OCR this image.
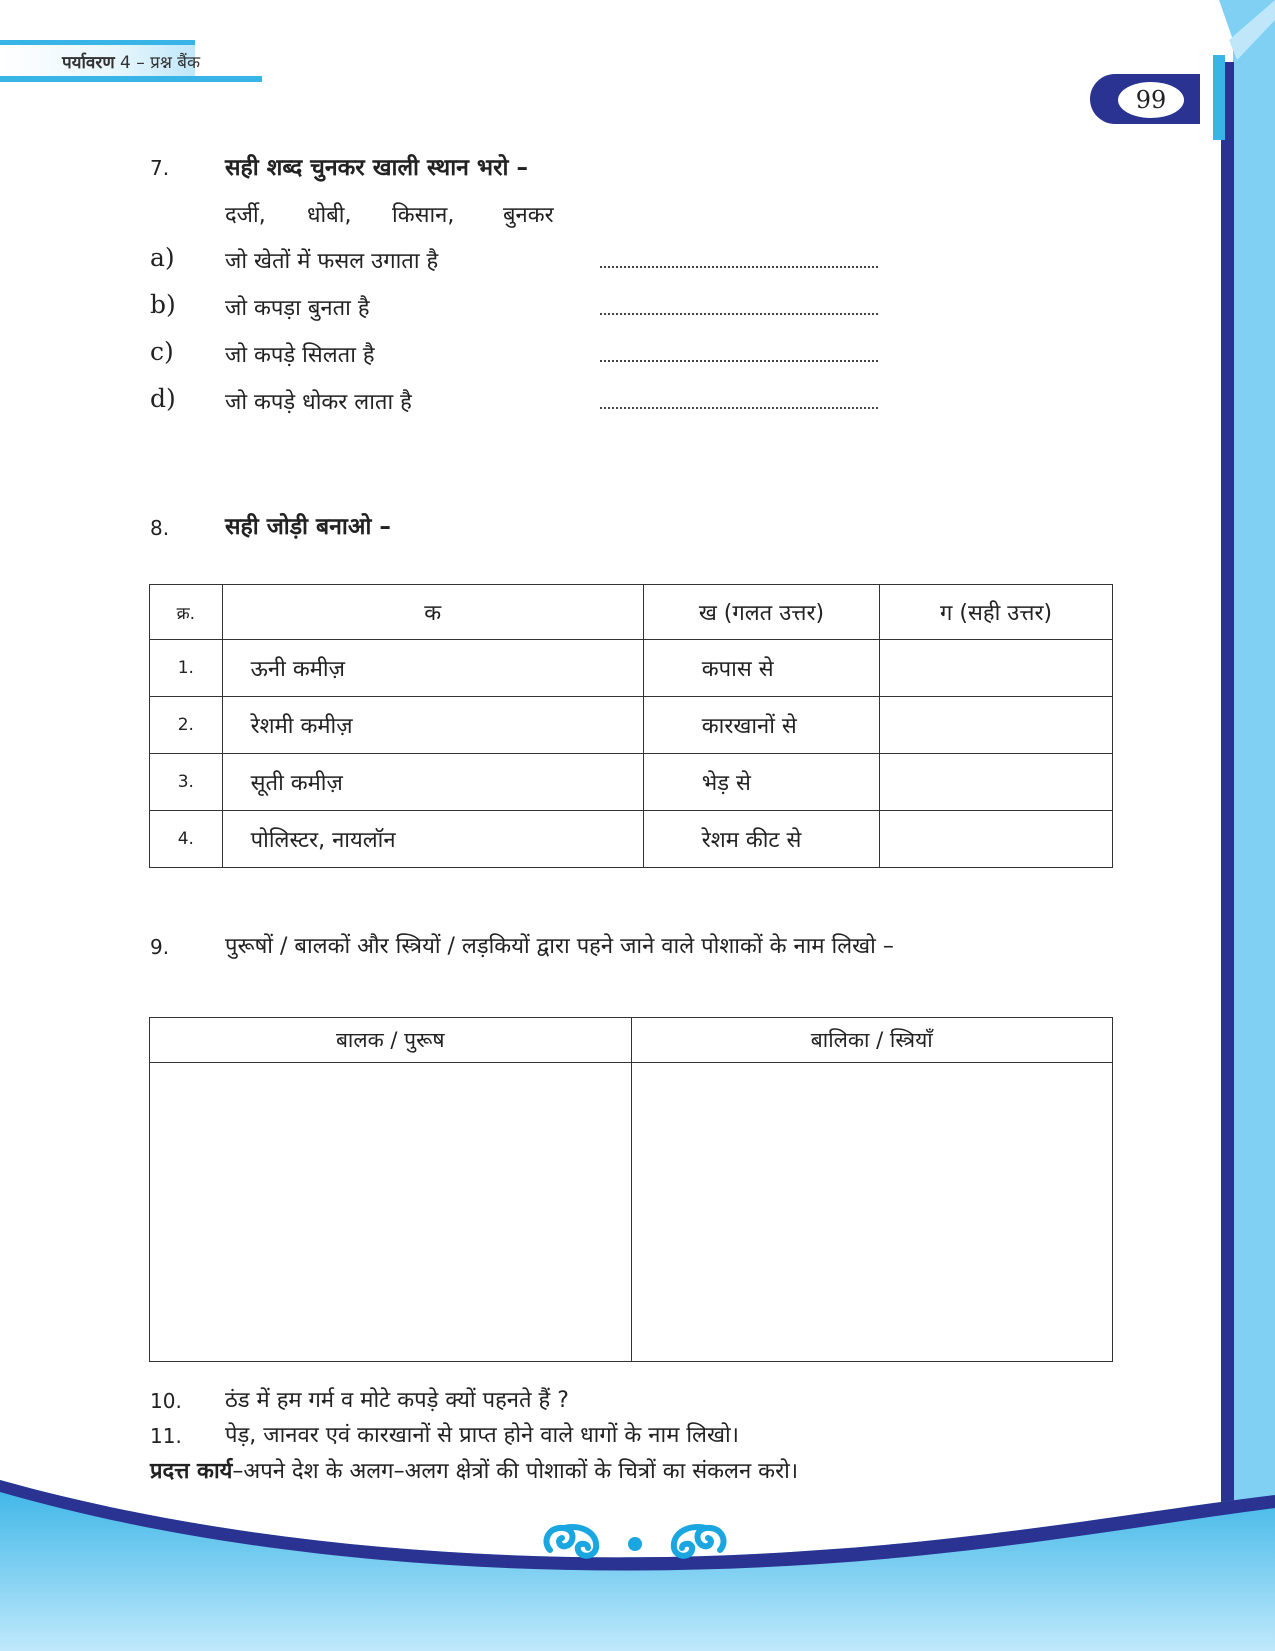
पर्यावरण 4 – प्रश्न बैंक
99
7. सही शब्द चुनकर खाली स्थान भरो –
दर्जी, धोबी, किसान, बुनकर
a) जो खेतों में फसल उगाता है
b) जो कपड़ा बुनता है
c) जो कपड़े सिलता है
d) जो कपड़े धोकर लाता है
8. सही जोड़ी बनाओ –
क्र.	क	ख (गलत उत्तर)	ग (सही उत्तर)
1.	ऊनी कमीज़	कपास से	
2.	रेशमी कमीज़	कारखानों से	
3.	सूती कमीज़	भेड़ से	
4.	पोलिस्टर, नायलॉन	रेशम कीट से	
9.	पुरूषों / बालकों और स्त्रियों / लड़कियों द्वारा पहने जाने वाले पोशाकों के नाम लिखो –
बालक / पुरूष	बालिका / स्त्रियाँ

10. ठंड में हम गर्म व मोटे कपड़े क्यों पहनते हैं ?
11. पेड़, जानवर एवं कारखानों से प्राप्त होने वाले धागों के नाम लिखो।
प्रदत्त कार्य–अपने देश के अलग–अलग क्षेत्रों की पोशाकों के चित्रों का संकलन करो।
